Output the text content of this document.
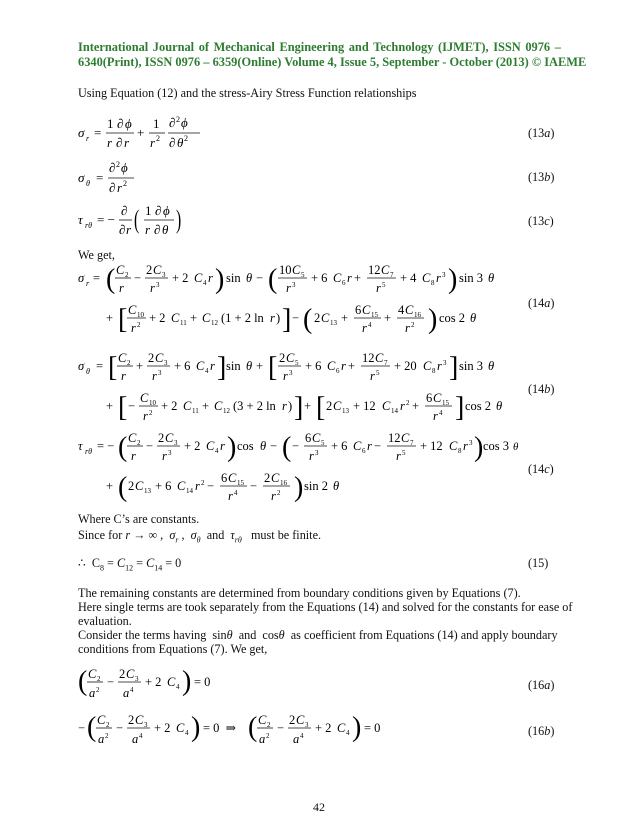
International Journal of Mechanical Engineering and Technology (IJMET), ISSN 0976 –
6340(Print), ISSN 0976 – 6359(Online) Volume 4, Issue 5, September - October (2013) © IAEME
Using Equation (12) and the stress-Airy Stress Function relationships
σ r =
1 ∂ ϕ
r ∂ r
+
1
r 2
∂ 2 ϕ
∂ θ 2	(13a)
σ θ =
∂ 2 ϕ
∂ r 2	(13b)
τ rθ = −
∂
∂ r ( 1 ∂ ϕ
r ∂ θ )	(13c)
We get,
σ r = ( C 2
r
−
2 C 3
r 3 + 2 C 4 r ) sin θ − ( 10 C 5
r 3 + 6 C 6 r +
12 C 7
r 5 + 4 C 8 r 3 ) sin 3 θ
+ [ C 10
r 2 + 2 C 11 + C 12 (1 + 2 ln r ) ] − ( 2 C 13 +
6 C 15
r 4 +
4 C 16
r 2 ) cos 2 θ
(14a)
σ θ = [ C 2
r
+
2 C 3
r 3 + 6 C 4 r ] sin θ + [ 2 C 5
r 3 + 6 C 6 r +
12 C 7
r 5 + 20 C 8 r 3 ] sin 3 θ
+ [ −
C 10
r 2 + 2 C 11 + C 12 (3 + 2 ln r ) ] + [ 2 C 13 + 12 C 14 r 2 +
6 C 15
r 4 ] cos 2 θ
(14b)
τ rθ = − ( C 2
r
−
2 C 3
r 3 + 2 C 4 r ) cos θ − ( −
6 C 5
r 3 + 6 C 6 r −
12 C 7
r 5 + 12 C 8 r 3 ) cos 3 θ
+ ( 2 C 13 + 6 C 14 r 2 −
6 C 15
r 4 −
2 C 16
r 2 ) sin 2 θ
(14c)
Where C’s are constants.
Since for r → ∞ ,  $\sigma_r$ ,  $\sigma_\theta$  and  $\tau_{r\theta}$ must be finite.
∴  $C_8 = C_{12} = C_{14} = 0$	(15)
The remaining constants are determined from boundary conditions given by Equations (7).
Here single terms are took separately from the Equations (14) and solved for the constants for ease of
evaluation.
Consider the terms having  sinθ  and  cosθ as coefficient from Equations (14) and apply boundary
conditions from Equations (7). We get,
( C 2
a 2
−
2 C 3
a 4
+ 2 C 4 ) = 0	(16a)
− ( C 2
a 2
−
2 C 3
a 4
+ 2 C 4 ) = 0  ⇒ ( C 2
a 2
−
2 C 3
a 4
+ 2 C 4 ) = 0	(16b)
42
